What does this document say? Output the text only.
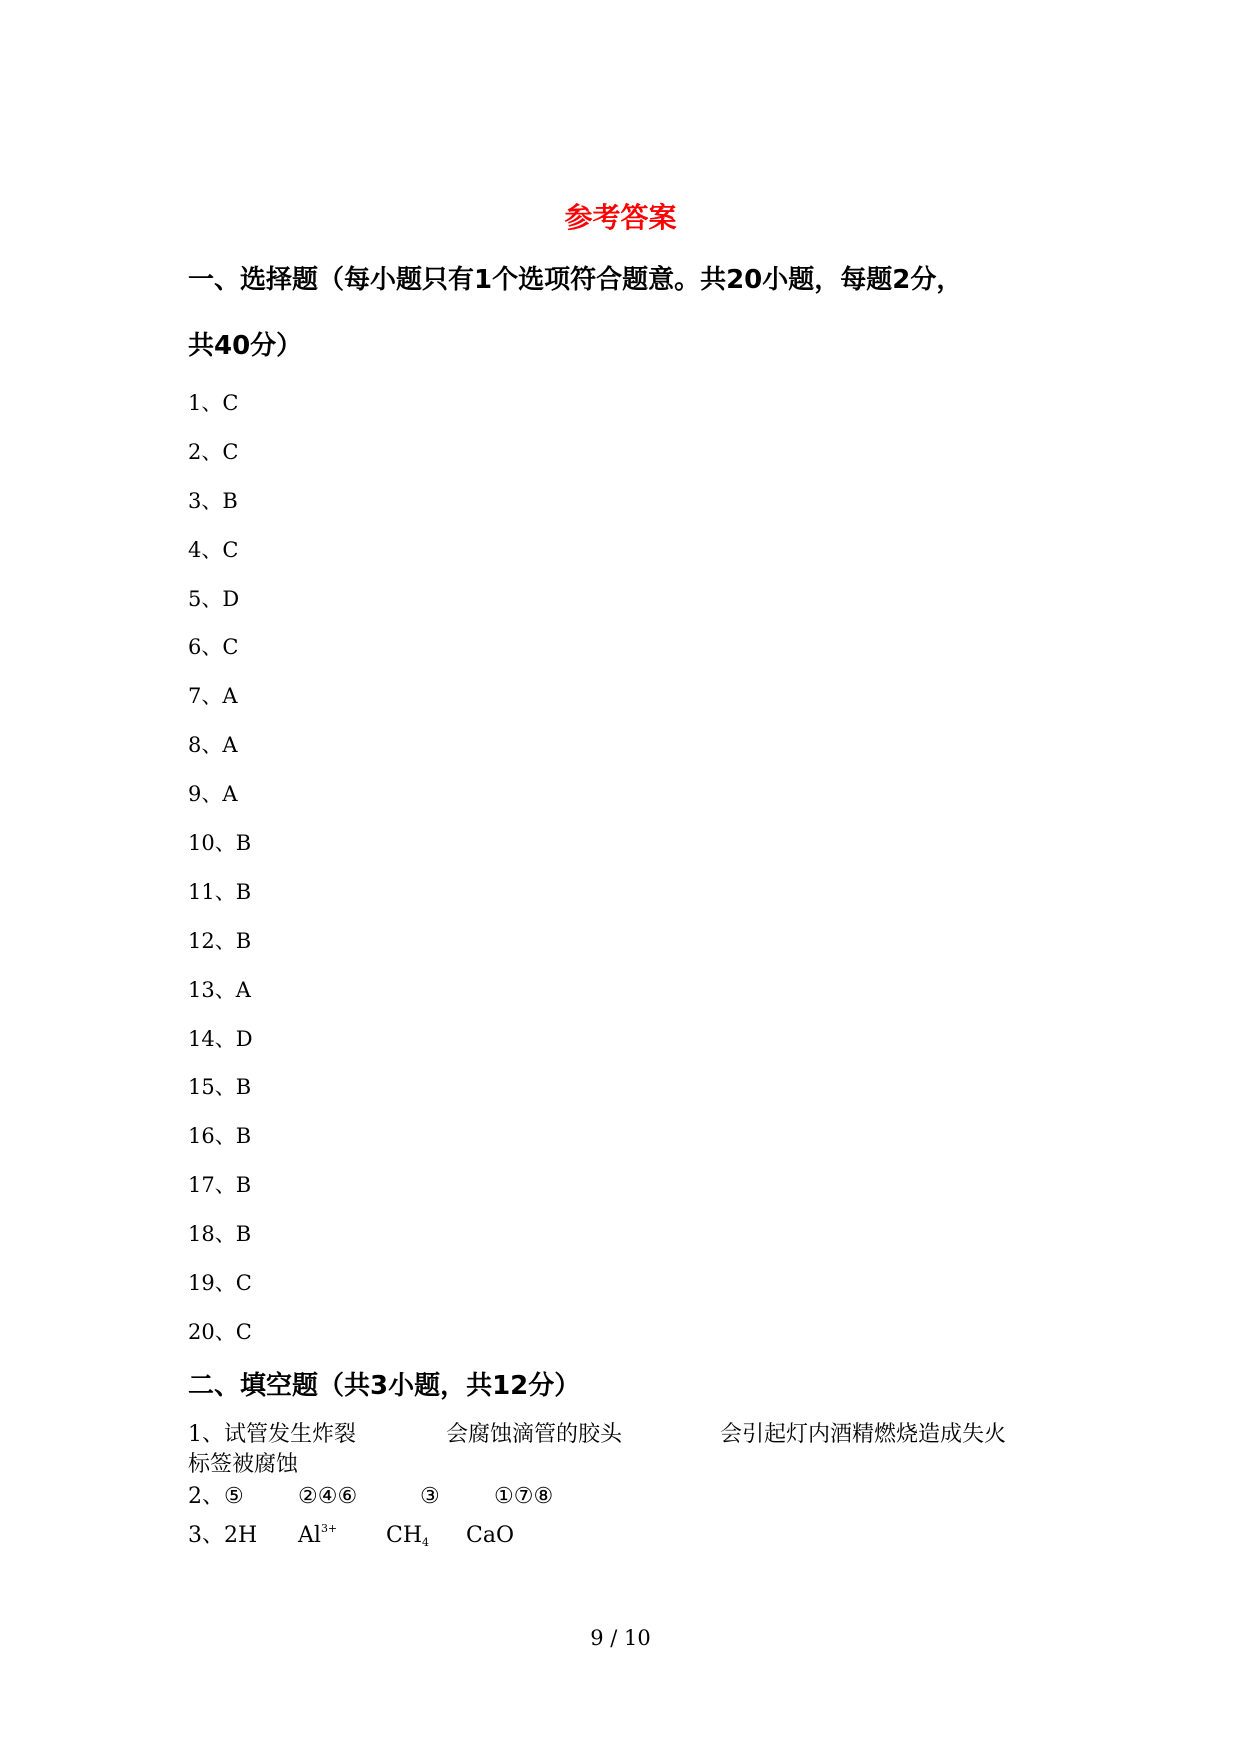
参考答案
一、选择题（每小题只有1个选项符合题意。共20小题，每题2分，
共40分）
1、C
2、C
3、B
4、C
5、D
6、C
7、A
8、A
9、A
10、B
11、B
12、B
13、A
14、D
15、B
16、B
17、B
18、B
19、C
20、C
二、填空题（共3小题，共12分）
1、试管发生炸裂	会腐蚀滴管的胶头	会引起灯内酒精燃烧造成失火
标签被腐蚀
2、⑤ ②④⑥	③ ①⑦⑧
3、2H $Al^{3+}$ $CH_4$ CaO
9 / 10
